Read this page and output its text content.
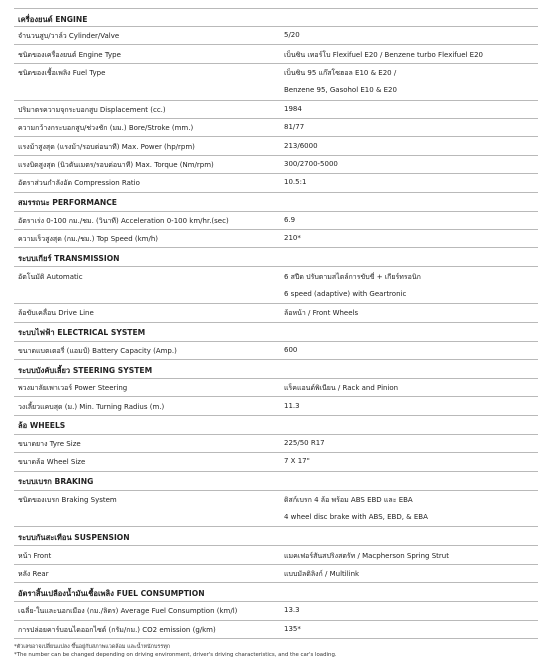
เครื่องยนต์ ENGINE
จำนวนสูบ/วาล์ว Cylinder/Valve	5/20
ชนิดของเครื่องยนต์ Engine Type	เบ็นซิน เทอร์โบ Flexifuel E20 / Benzene turbo Flexifuel E20
ชนิดของเชื้อเพลิง Fuel Type	เบ็นซิน 95 แก๊สโซฮอล E10 & E20 /
Benzene 95, Gasohol E10 & E20
ปริมาตรความจุกระบอกสูบ Displacement (cc.)	1984
ความกว้างกระบอกสูบ/ช่วงชัก (มม.) Bore/Stroke (mm.)	81/77
แรงม้าสูงสุด (แรงม้า/รอบต่อนาที) Max. Power (hp/rpm)	213/6000
แรงบิดสูงสุด (นิวตันเมตร/รอบต่อนาที) Max. Torque (Nm/rpm)	300/2700-5000
อัตราส่วนกำลังอัด Compression Ratio	10.5:1
สมรรถนะ PERFORMANCE
อัตราเร่ง 0-100 กม./ชม. (วินาที) Acceleration 0-100 km/hr.(sec)	6.9
ความเร็วสูงสุด (กม./ชม.) Top Speed (km/h)	210*
ระบบเกียร์ TRANSMISSION
อัตโนมัติ Automatic	6 สปีด ปรับตามสไตล์การขับขี่ + เกียร์ทรอนิก
6 speed (adaptive) with Geartronic
ล้อขับเคลื่อน Drive Line	ล้อหน้า / Front Wheels
ระบบไฟฟ้า ELECTRICAL SYSTEM
ขนาดแบตเตอรี่ (แอมป์) Battery Capacity (Amp.)	600
ระบบบังคับเลี้ยว STEERING SYSTEM
พวงมาลัยเพาเวอร์ Power Steering	แร็คแอนด์พิเนียน / Rack and Pinion
วงเลี้ยวแคบสุด (ม.) Min. Turning Radius (m.)	11.3
ล้อ WHEELS
ขนาดยาง Tyre Size	225/50 R17
ขนาดล้อ Wheel Size	7 X 17"
ระบบเบรก BRAKING
ชนิดของเบรก Braking System	ดิสก์เบรก 4 ล้อ พร้อม ABS EBD และ EBA
4 wheel disc brake with ABS, EBD, & EBA
ระบบกันสะเทือน SUSPENSION
หน้า Front	แมคเฟอร์สันสปริงสตรัท / Macpherson Spring Strut
หลัง Rear	แบบมัลติลิงก์ / Multilink
อัตราสิ้นเปลืองน้ำมันเชื้อเพลิง FUEL CONSUMPTION
เฉลี่ย-ในและนอกเมือง (กม./ลิตร) Average Fuel Consumption (km/l)	13.3
การปล่อยคาร์บอนไดออกไซด์ (กรัม/กม.) CO2 emission (g/km)	135*
*ตัวเลขอาจเปลี่ยนแปลง ขึ้นอยู่กับสภาพแวดล้อม และน้ำหนักบรรทุก
*The number can be changed depending on driving environment, driver's driving characteristics, and the car's loading.
